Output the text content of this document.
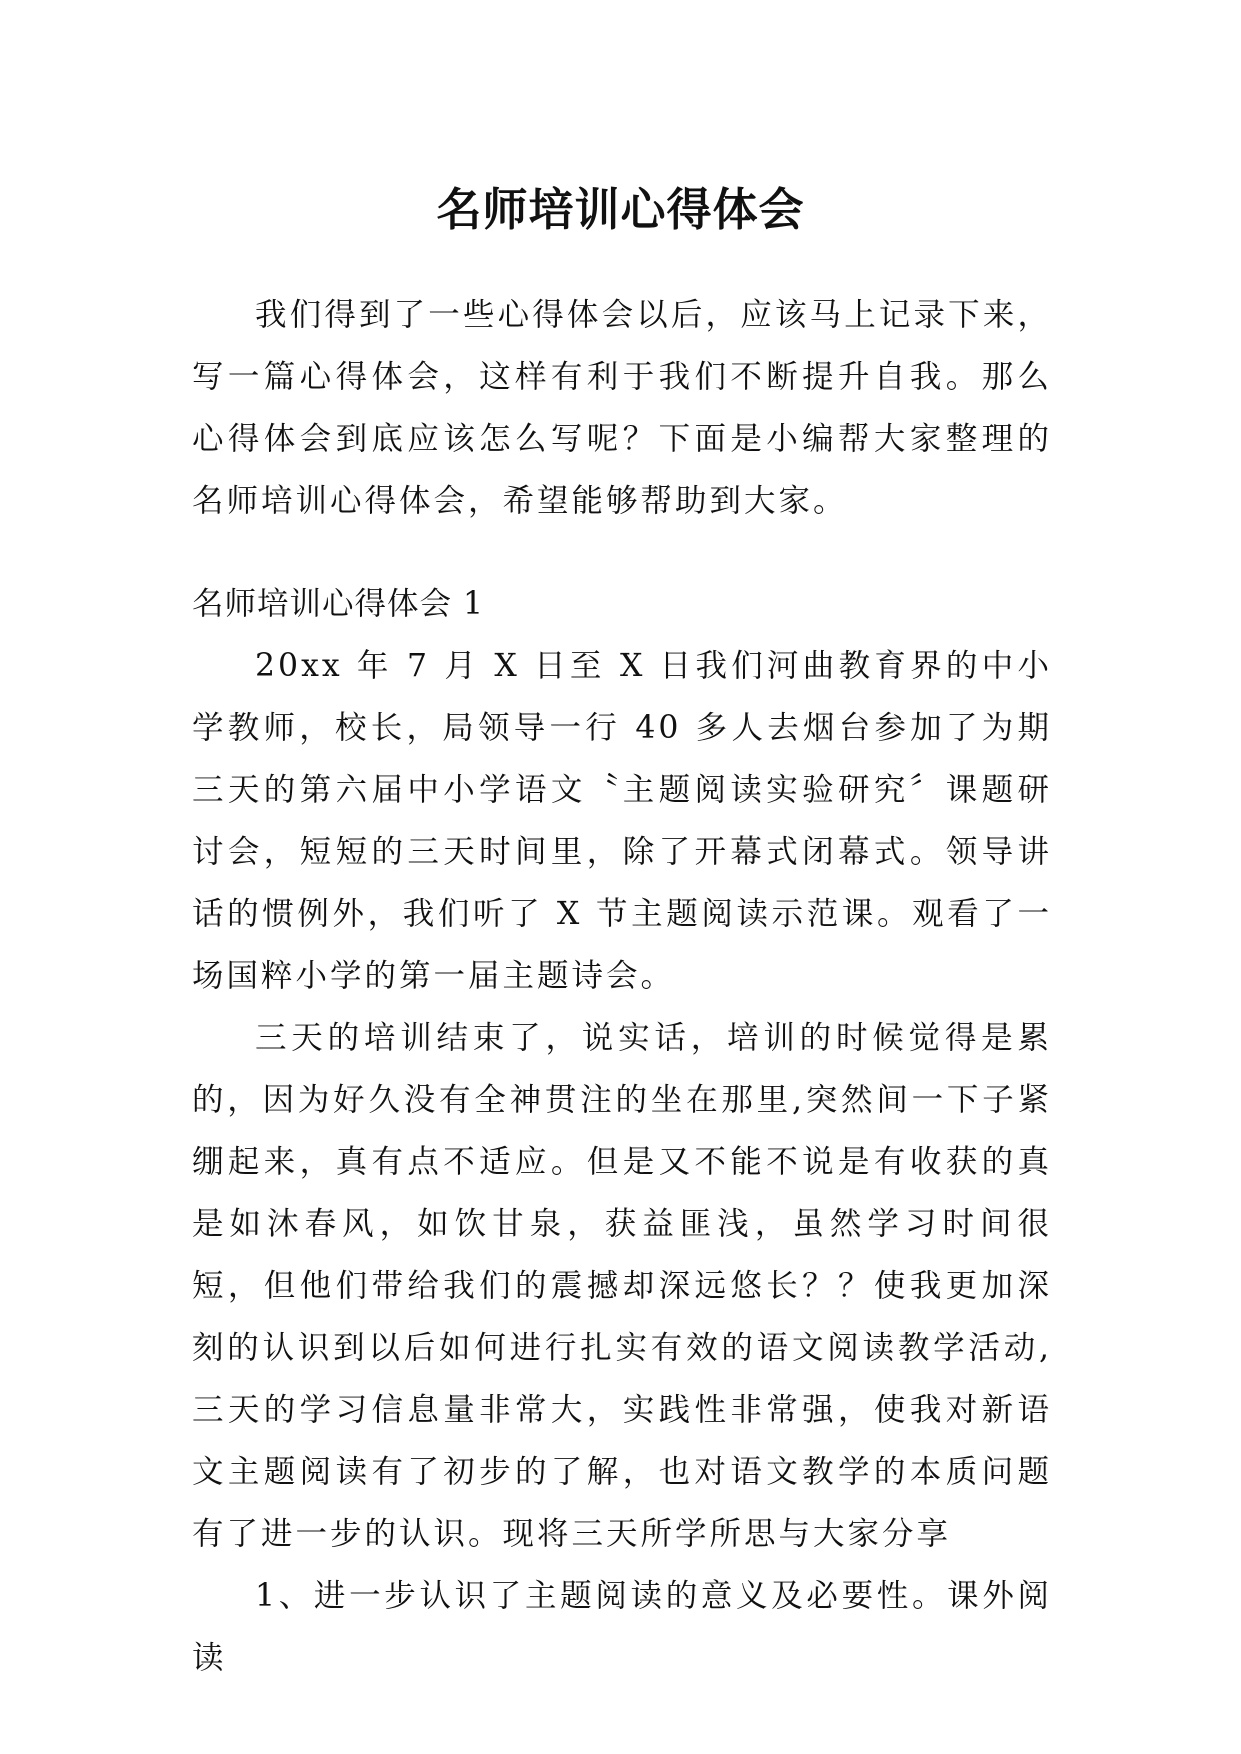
名师培训心得体会

我们得到了一些心得体会以后，应该马上记录下来，写一篇心得体会，这样有利于我们不断提升自我。那么心得体会到底应该怎么写呢？下面是小编帮大家整理的名师培训心得体会，希望能够帮助到大家。

名师培训心得体会 1

20xx 年 7 月 X 日至 X 日我们河曲教育界的中小学教师，校长，局领导一行 40 多人去烟台参加了为期三天的第六届中小学语文〝主题阅读实验研究〞课题研讨会，短短的三天时间里，除了开幕式闭幕式。领导讲话的惯例外，我们听了 X 节主题阅读示范课。观看了一场国粹小学的第一届主题诗会。

三天的培训结束了，说实话，培训的时候觉得是累的，因为好久没有全神贯注的坐在那里,突然间一下子紧绷起来，真有点不适应。但是又不能不说是有收获的真是如沐春风，如饮甘泉，获益匪浅，虽然学习时间很短，但他们带给我们的震撼却深远悠长？？使我更加深刻的认识到以后如何进行扎实有效的语文阅读教学活动,三天的学习信息量非常大，实践性非常强，使我对新语文主题阅读有了初步的了解，也对语文教学的本质问题有了进一步的认识。现将三天所学所思与大家分享

1、进一步认识了主题阅读的意义及必要性。课外阅读
